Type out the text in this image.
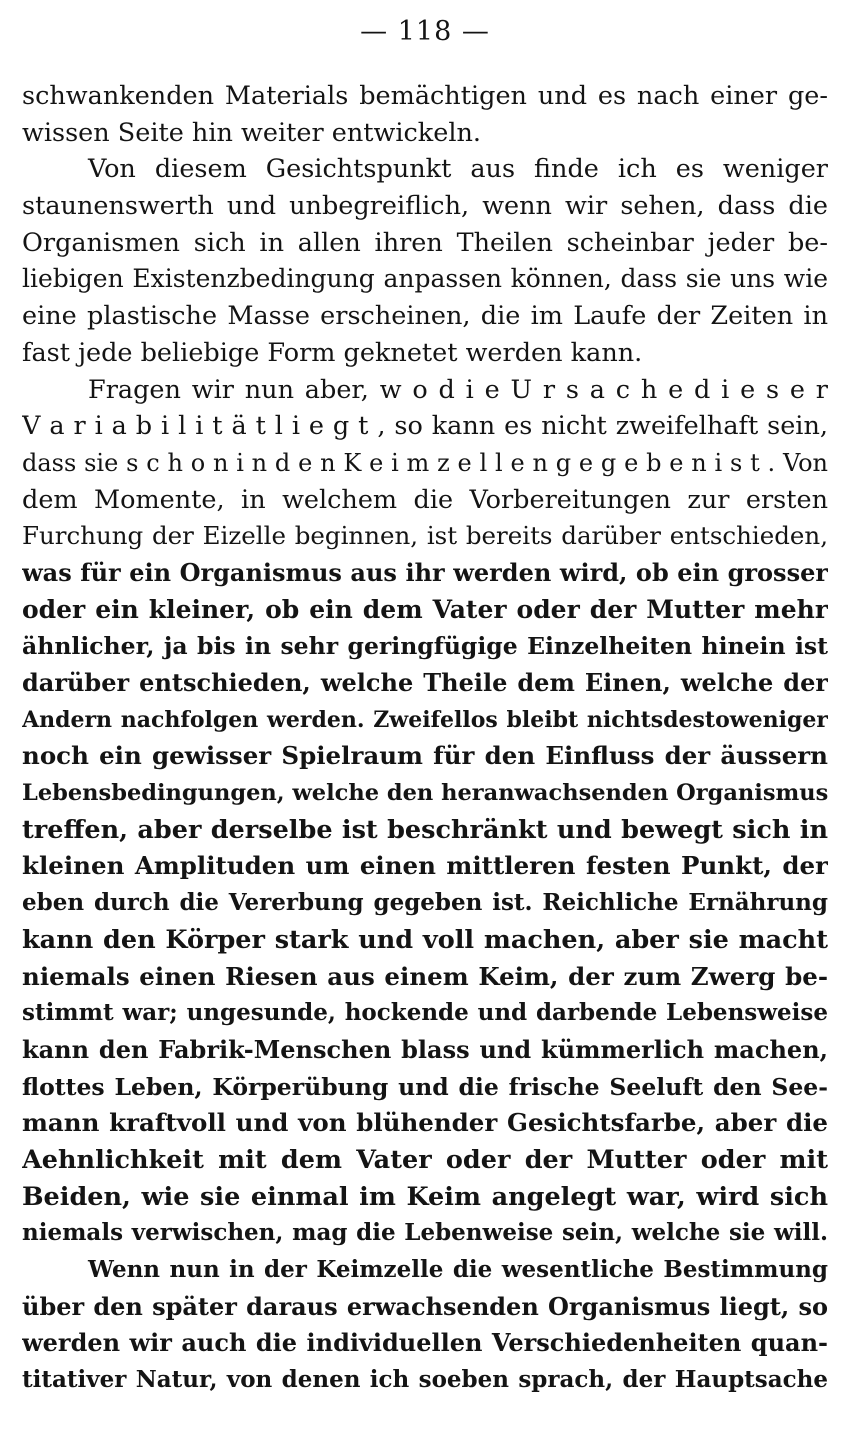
— 118 —
schwankenden Materials bemächtigen und es nach einer ge-
wissen Seite hin weiter entwickeln.
Von diesem Gesichtspunkt aus finde ich es weniger
staunenswerth und unbegreiflich, wenn wir sehen, dass die
Organismen sich in allen ihren Theilen scheinbar jeder be-
liebigen Existenzbedingung anpassen können, dass sie uns wie
eine plastische Masse erscheinen, die im Laufe der Zeiten in
fast jede beliebige Form geknetet werden kann.
Fragen wir nun aber, w o d i e U r s a c h e d i e s e r
V a r i a b i l i t ä t l i e g t , so kann es nicht zweifelhaft sein,
dass sie s c h o n i n d e n K e i m z e l l e n g e g e b e n i s t . Von
dem Momente, in welchem die Vorbereitungen zur ersten
Furchung der Eizelle beginnen, ist bereits darüber entschieden,
was für ein Organismus aus ihr werden wird, ob ein grosser
oder ein kleiner, ob ein dem Vater oder der Mutter mehr
ähnlicher, ja bis in sehr geringfügige Einzelheiten hinein ist
darüber entschieden, welche Theile dem Einen, welche der
Andern nachfolgen werden. Zweifellos bleibt nichtsdestoweniger
noch ein gewisser Spielraum für den Einfluss der äussern
Lebensbedingungen, welche den heranwachsenden Organismus
treffen, aber derselbe ist beschränkt und bewegt sich in
kleinen Amplituden um einen mittleren festen Punkt, der
eben durch die Vererbung gegeben ist. Reichliche Ernährung
kann den Körper stark und voll machen, aber sie macht
niemals einen Riesen aus einem Keim, der zum Zwerg be-
stimmt war; ungesunde, hockende und darbende Lebensweise
kann den Fabrik-Menschen blass und kümmerlich machen,
flottes Leben, Körperübung und die frische Seeluft den See-
mann kraftvoll und von blühender Gesichtsfarbe, aber die
Aehnlichkeit mit dem Vater oder der Mutter oder mit
Beiden, wie sie einmal im Keim angelegt war, wird sich
niemals verwischen, mag die Lebenweise sein, welche sie will.
Wenn nun in der Keimzelle die wesentliche Bestimmung
über den später daraus erwachsenden Organismus liegt, so
werden wir auch die individuellen Verschiedenheiten quan-
titativer Natur, von denen ich soeben sprach, der Hauptsache
